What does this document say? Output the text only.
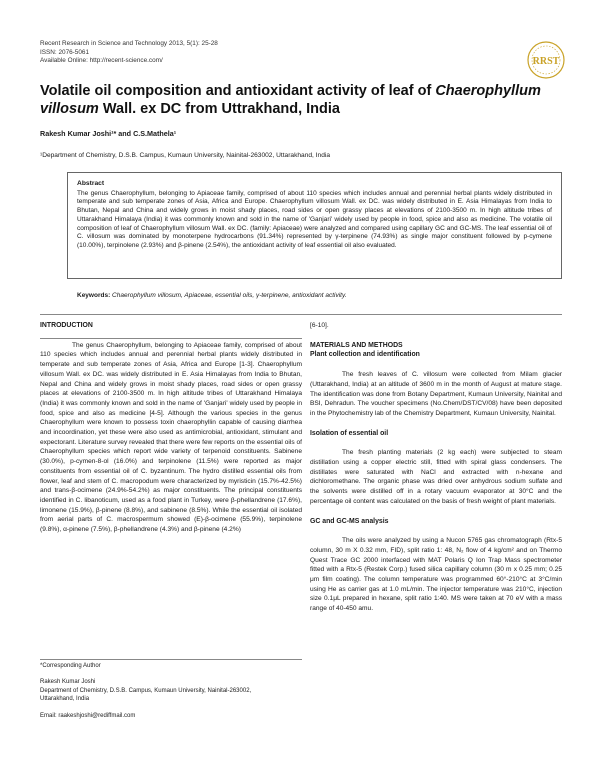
Recent Research in Science and Technology 2013, 5(1): 25-28
ISSN: 2076-5061
Available Online: http://recent-science.com/	RRST
Volatile oil composition and antioxidant activity of leaf of Chaerophyllum villosum Wall. ex DC from Uttrakhand, India
Rakesh Kumar Joshi¹* and C.S.Mathela¹
¹Department of Chemistry, D.S.B. Campus, Kumaun University, Nainital-263002, Uttarakhand, India
Abstract
The genus Chaerophyllum, belonging to Apiaceae family, comprised of about 110 species which includes annual and perennial herbal plants widely distributed in temperate and sub temperate zones of Asia, Africa and Europe. Chaerophyllum villosum Wall. ex DC. was widely distributed in E. Asia Himalayas from India to Bhutan, Nepal and China and widely grows in moist shady places, road sides or open grassy places at elevations of 2100-3500 m. In high altitude tribes of Uttarakhand Himalaya (India) it was commonly known and sold in the name of 'Ganjari' widely used by people in food, spice and also as medicine. The volatile oil composition of leaf of Chaerophyllum villosum Wall. ex DC. (family: Apiaceae) were analyzed and compared using capillary GC and GC-MS. The leaf essential oil of C. villosum was dominated by monoterpene hydrocarbons (91.34%) represented by γ-terpinene (74.93%) as single major constituent followed by p-cymene (10.00%), terpinolene (2.93%) and β-pinene (2.54%), the antioxidant activity of leaf essential oil also evaluated.
Keywords: Chaerophyllum villosum, Apiaceae, essential oils, γ-terpinene, antioxidant activity.
INTRODUCTION
The genus Chaerophyllum, belonging to Apiaceae family, comprised of about 110 species which includes annual and perennial herbal plants widely distributed in temperate and sub temperate zones of Asia, Africa and Europe [1-3]. Chaerophyllum villosum Wall. ex DC. was widely distributed in E. Asia Himalayas from India to Bhutan, Nepal and China and widely grows in moist shady places, road sides or open grassy places at elevations of 2100-3500 m. In high altitude tribes of Uttarakhand Himalaya (India) it was commonly known and sold in the name of 'Ganjari' widely used by people in food, spice and also as medicine [4-5]. Although the various species in the genus Chaerophyllum were known to possess toxin chaerophyllin capable of causing diarrhea and incoordination, yet these were also used as antimicrobial, antioxidant, stimulant and expectorant. Literature survey revealed that there were few reports on the essential oils of Chaerophyllum species which report wide variety of terpenoid constituents. Sabinene (30.0%), p-cymen-8-ol (16.0%) and terpinolene (11.5%) were reported as major constituents from essential oil of C. byzantinum. The hydro distilled essential oils from flower, leaf and stem of C. macropodum were characterized by myristicin (15.7%-42.5%) and trans-β-ocimene (24.9%-54.2%) as major constituents. The principal constituents identified in C. libanoticum, used as a food plant in Turkey, were β-phellandrene (17.6%), limonene (15.9%), β-pinene (8.8%), and sabinene (8.5%). While the essential oil isolated from aerial parts of C. macrospermum showed (E)-β-ocimene (55.9%), terpinolene (9.8%), α-pinene (7.5%), β-phellandrene (4.3%) and β-pinene (4.2%)
[6-10].
MATERIALS AND METHODS
Plant collection and identification
The fresh leaves of C. villosum were collected from Milam glacier (Uttarakhand, India) at an altitude of 3600 m in the month of August at mature stage. The identification was done from Botany Department, Kumaun University, Nainital and BSI, Dehradun. The voucher specimens (No.Chem/DST/CV/08) have been deposited in the Phytochemistry lab of the Chemistry Department, Kumaun University, Nainital.
Isolation of essential oil
The fresh planting materials (2 kg each) were subjected to steam distillation using a copper electric still, fitted with spiral glass condensers. The distillates were saturated with NaCl and extracted with n-hexane and dichloromethane. The organic phase was dried over anhydrous sodium sulfate and the solvents were distilled off in a rotary vacuum evaporator at 30°C and the percentage oil content was calculated on the basis of fresh weight of plant materials.
GC and GC-MS analysis
The oils were analyzed by using a Nucon 5765 gas chromatograph (Rtx-5 column, 30 m X 0.32 mm, FID), split ratio 1: 48, N₂ flow of 4 kg/cm² and on Thermo Quest Trace GC 2000 interfaced with MAT Polaris Q Ion Trap Mass spectrometer fitted with a Rtx-5 (Restek Corp.) fused silica capillary column (30 m x 0.25 mm; 0.25 μm film coating). The column temperature was programmed 60°-210°C at 3°C/min using He as carrier gas at 1.0 mL/min. The injector temperature was 210°C, injection size 0.1μL prepared in hexane, split ratio 1:40. MS were taken at 70 eV with a mass range of 40-450 amu.
*Corresponding Author
Rakesh Kumar Joshi
Department of Chemistry, D.S.B. Campus, Kumaun University, Nainital-263002,
Uttarakhand, India
Email: raakeshjoshi@rediffmail.com
